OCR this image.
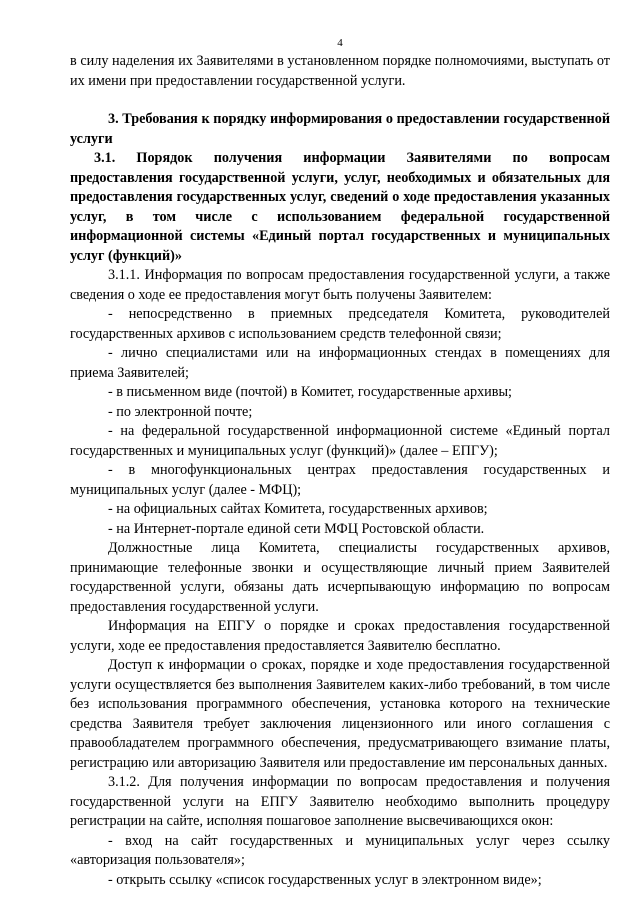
4

в силу наделения их Заявителями в установленном порядке полномочиями, выступать от их имени при предоставлении государственной услуги.

3. Требования к порядку информирования о предоставлении государственной услуги

3.1. Порядок получения информации Заявителями по вопросам предоставления государственной услуги, услуг, необходимых и обязательных для предоставления государственных услуг, сведений о ходе предоставления указанных услуг, в том числе с использованием федеральной государственной информационной системы «Единый портал государственных и муниципальных услуг (функций)»

3.1.1. Информация по вопросам предоставления государственной услуги, а также сведения о ходе ее предоставления могут быть получены Заявителем:

- непосредственно в приемных председателя Комитета, руководителей государственных архивов с использованием средств телефонной связи;

- лично специалистами или на информационных стендах в помещениях для приема Заявителей;

- в письменном виде (почтой) в Комитет, государственные архивы;

- по электронной почте;

- на федеральной государственной информационной системе «Единый портал государственных и муниципальных услуг (функций)» (далее – ЕПГУ);

- в многофункциональных центрах предоставления государственных и муниципальных услуг (далее - МФЦ);

- на официальных сайтах Комитета, государственных архивов;

- на Интернет-портале единой сети МФЦ Ростовской области.

Должностные лица Комитета, специалисты государственных архивов, принимающие телефонные звонки и осуществляющие личный прием Заявителей государственной услуги, обязаны дать исчерпывающую информацию по вопросам предоставления государственной услуги.

Информация на ЕПГУ о порядке и сроках предоставления государственной услуги, ходе ее предоставления предоставляется Заявителю бесплатно.

Доступ к информации о сроках, порядке и ходе предоставления государственной услуги осуществляется без выполнения Заявителем каких-либо требований, в том числе без использования программного обеспечения, установка которого на технические средства Заявителя требует заключения лицензионного или иного соглашения с правообладателем программного обеспечения, предусматривающего взимание платы, регистрацию или авторизацию Заявителя или предоставление им персональных данных.

3.1.2. Для получения информации по вопросам предоставления и получения государственной услуги на ЕПГУ Заявителю необходимо выполнить процедуру регистрации на сайте, исполняя пошаговое заполнение высвечивающихся окон:

- вход на сайт государственных и муниципальных услуг через ссылку «авторизация пользователя»;

- открыть ссылку «список государственных услуг в электронном виде»;
